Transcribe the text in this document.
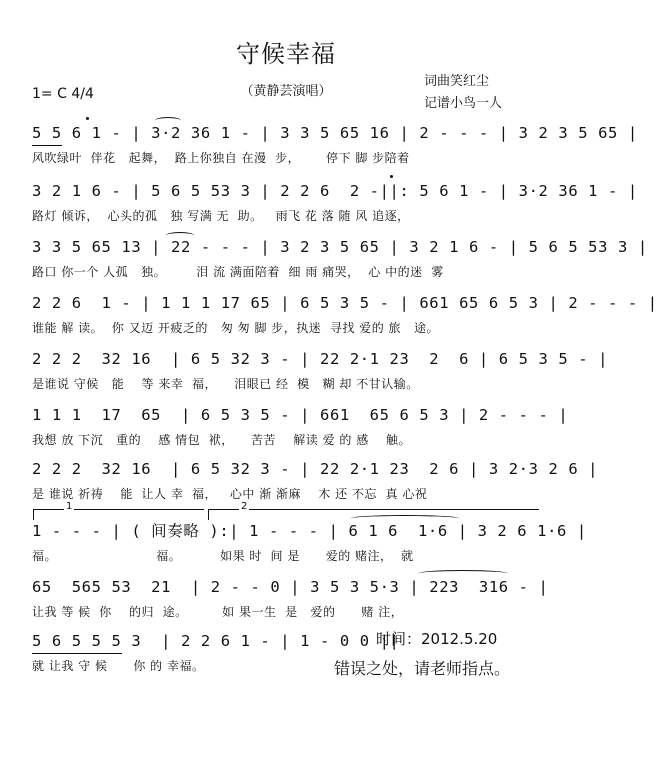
守候幸福
（黄静芸演唱）
1= C 4/4
词曲笑红尘
记谱小鸟一人
5 5 6 1 - | 3·2 36 1 - | 3 3 5 65 16 | 2 - - - | 3 2 3 5 65 |
风吹绿叶  伴花   起舞，  路上你独自 在漫  步，      停下 脚 步陪着
3 2 1 6 - | 5 6 5 53 3 | 2 2 6  2 -||: 5 6 1 - | 3·2 36 1 - |
路灯 倾诉，  心头的孤   独 写满 无  助。   雨飞 花 落 随 风 追逐，
3 3 5 65 13 | 22 - - - | 3 2 3 5 65 | 3 2 1 6 - | 5 6 5 53 3 |
路口 你一个 人孤   独。       泪 流 满面陪着  细 雨 痛哭，  心 中的迷  雾
2 2 6  1 - | 1 1 1 17 65 | 6 5 3 5 - | 661 65 6 5 3 | 2 - - - |
谁能 解 读。  你 又迈 开疲乏的   匆 匆 脚 步，执迷  寻找 爱的 旅   途。
2 2 2  32 16  | 6 5 32 3 - | 22 2·1 23  2  6 | 6 5 3 5 - |
是谁说 守候   能    等 来幸  福，    泪眼已 经  模   糊 却 不甘认输。
1 1 1  17  65  | 6 5 3 5 - | 661  65 6 5 3 | 2 - - - |
我想 放 下沉   重的    感 情包  袱，    苦苦    解读 爱 的 感    触。
2 2 2  32 16  | 6 5 32 3 - | 22 2·1 23  2 6 | 3 2·3 2 6 |
是 谁说 祈祷    能  让人 幸  福，   心中 渐 渐麻    木 还 不忘  真 心祝
1	2
1 - - - | ( 间奏略 ):| 1 - - - | 6 1 6  1·6 | 3 2 6 1·6 |
福。                       福。         如果 时  间 是      爱的 赌注，  就
65  565 53  21  | 2 - - 0 | 3 5 3 5·3 | 223  316 - |
让我 等 候  你    的归  途。        如 果一生  是   爱的      赌 注，
5 6 5 5 5 3  | 2 2 6 1 - | 1 - 0 0 ||
就 让我 守 候      你 的 幸福。
时间：2012.5.20
错误之处，请老师指点。
